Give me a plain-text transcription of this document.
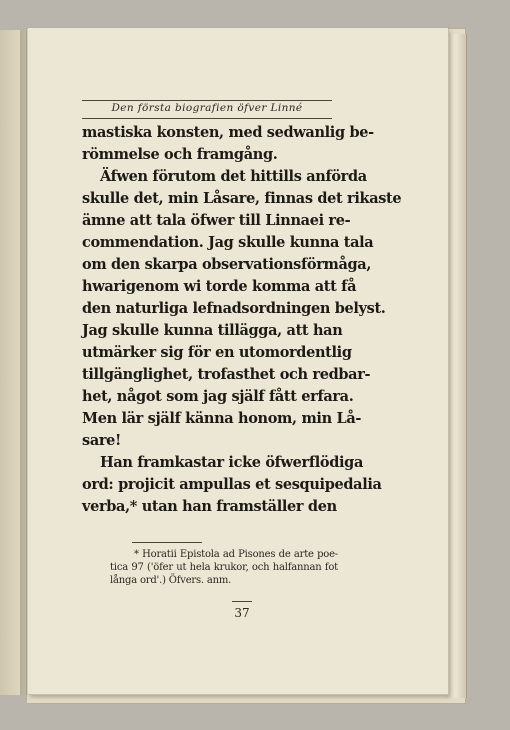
Den första biografien öfver Linné
mastiska konsten, med sedwanlig be-
römmelse och framgång.
Äfwen förutom det hittills anförda
skulle det, min Låsare, finnas det rikaste
ämne att tala öfwer till Linnaei re-
commendation. Jag skulle kunna tala
om den skarpa observationsförmåga,
hwarigenom wi torde komma att få
den naturliga lefnadsordningen belyst.
Jag skulle kunna tillägga, att han
utmärker sig för en utomordentlig
tillgänglighet, trofasthet och redbar-
het, något som jag själf fått erfara.
Men lär själf känna honom, min Lå-
sare!
Han framkastar icke öfwerflödiga
ord: projicit ampullas et sesquipedalia
verba,* utan han framställer den
* Horatii Epistola ad Pisones de arte poe-
tica 97 ('öfer ut hela krukor, och halfannan fot
långa ord'.) Öfvers. anm.
37
